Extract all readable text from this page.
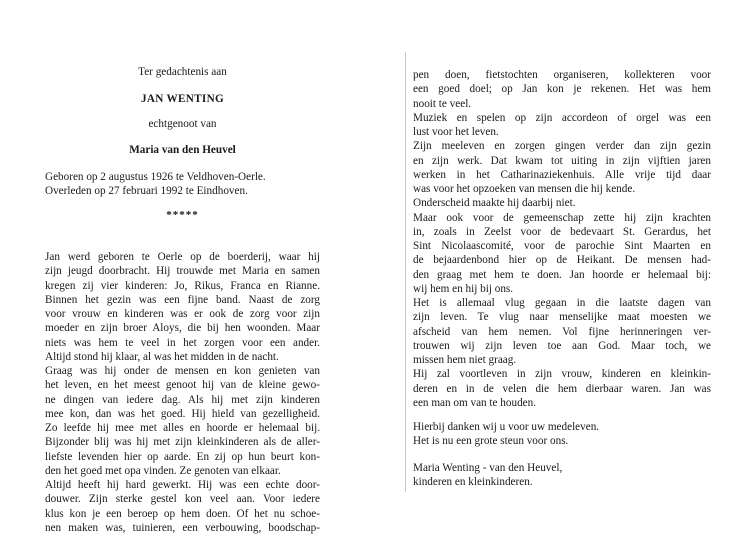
Ter gedachtenis aan
JAN WENTING
echtgenoot van
Maria van den Heuvel
Geboren op 2 augustus 1926 te Veldhoven-Oerle.
Overleden op 27 februari 1992 te Eindhoven.
*****
Jan werd geboren te Oerle op de boerderij, waar hij
zijn jeugd doorbracht. Hij trouwde met Maria en samen
kregen zij vier kinderen: Jo, Rikus, Franca en Rianne.
Binnen het gezin was een fijne band. Naast de zorg
voor vrouw en kinderen was er ook de zorg voor zijn
moeder en zijn broer Aloys, die bij hen woonden. Maar
niets was hem te veel in het zorgen voor een ander.
Altijd stond hij klaar, al was het midden in de nacht.
Graag was hij onder de mensen en kon genieten van
het leven, en het meest genoot hij van de kleine gewo-
ne dingen van iedere dag. Als hij met zijn kinderen
mee kon, dan was het goed. Hij hield van gezelligheid.
Zo leefde hij mee met alles en hoorde er helemaal bij.
Bijzonder blij was hij met zijn kleinkinderen als de aller-
liefste levenden hier op aarde. En zij op hun beurt kon-
den het goed met opa vinden. Ze genoten van elkaar.
Altijd heeft hij hard gewerkt. Hij was een echte door-
douwer. Zijn sterke gestel kon veel aan. Voor iedere
klus kon je een beroep op hem doen. Of het nu schoe-
nen maken was, tuinieren, een verbouwing, boodschap-
pen doen, fietstochten organiseren, kollekteren voor
een goed doel; op Jan kon je rekenen. Het was hem
nooit te veel.
Muziek en spelen op zijn accordeon of orgel was een
lust voor het leven.
Zijn meeleven en zorgen gingen verder dan zijn gezin
en zijn werk. Dat kwam tot uiting in zijn vijftien jaren
werken in het Catharinaziekenhuis. Alle vrije tijd daar
was voor het opzoeken van mensen die hij kende.
Onderscheid maakte hij daarbij niet.
Maar ook voor de gemeenschap zette hij zijn krachten
in, zoals in Zeelst voor de bedevaart St. Gerardus, het
Sint Nicolaascomité, voor de parochie Sint Maarten en
de bejaardenbond hier op de Heikant. De mensen had-
den graag met hem te doen. Jan hoorde er helemaal bij:
wij hem en hij bij ons.
Het is allemaal vlug gegaan in die laatste dagen van
zijn leven. Te vlug naar menselijke maat moesten we
afscheid van hem nemen. Vol fijne herinneringen ver-
trouwen wij zijn leven toe aan God. Maar toch, we
missen hem niet graag.
Hij zal voortleven in zijn vrouw, kinderen en kleinkin-
deren en in de velen die hem dierbaar waren. Jan was
een man om van te houden.
Hierbij danken wij u voor uw medeleven.
Het is nu een grote steun voor ons.
Maria Wenting - van den Heuvel,
kinderen en kleinkinderen.
